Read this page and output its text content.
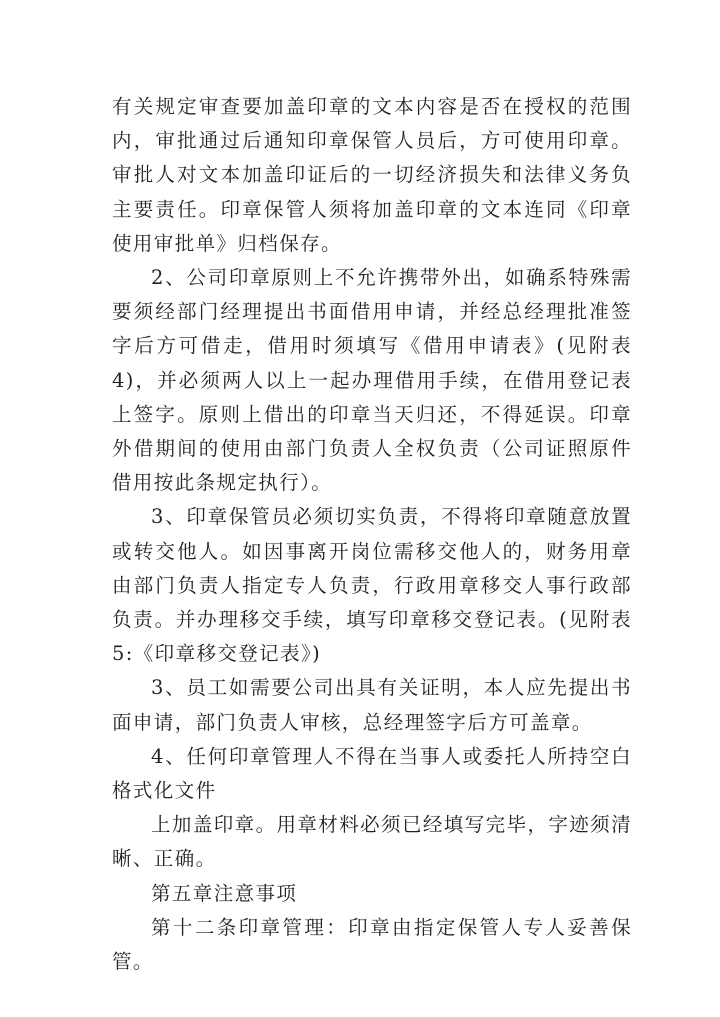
有关规定审查要加盖印章的文本内容是否在授权的范围内，审批通过后通知印章保管人员后，方可使用印章。审批人对文本加盖印证后的一切经济损失和法律义务负主要责任。印章保管人须将加盖印章的文本连同《印章使用审批单》归档保存。

2、公司印章原则上不允许携带外出，如确系特殊需要须经部门经理提出书面借用申请，并经总经理批准签字后方可借走，借用时须填写《借用申请表》(见附表4)，并必须两人以上一起办理借用手续，在借用登记表上签字。原则上借出的印章当天归还，不得延误。印章外借期间的使用由部门负责人全权负责（公司证照原件借用按此条规定执行）。

3、印章保管员必须切实负责，不得将印章随意放置或转交他人。如因事离开岗位需移交他人的，财务用章由部门负责人指定专人负责，行政用章移交人事行政部负责。并办理移交手续，填写印章移交登记表。(见附表5:《印章移交登记表》)

3、员工如需要公司出具有关证明，本人应先提出书面申请，部门负责人审核，总经理签字后方可盖章。

4、任何印章管理人不得在当事人或委托人所持空白格式化文件

上加盖印章。用章材料必须已经填写完毕，字迹须清晰、正确。

第五章注意事项

第十二条印章管理：印章由指定保管人专人妥善保管。
